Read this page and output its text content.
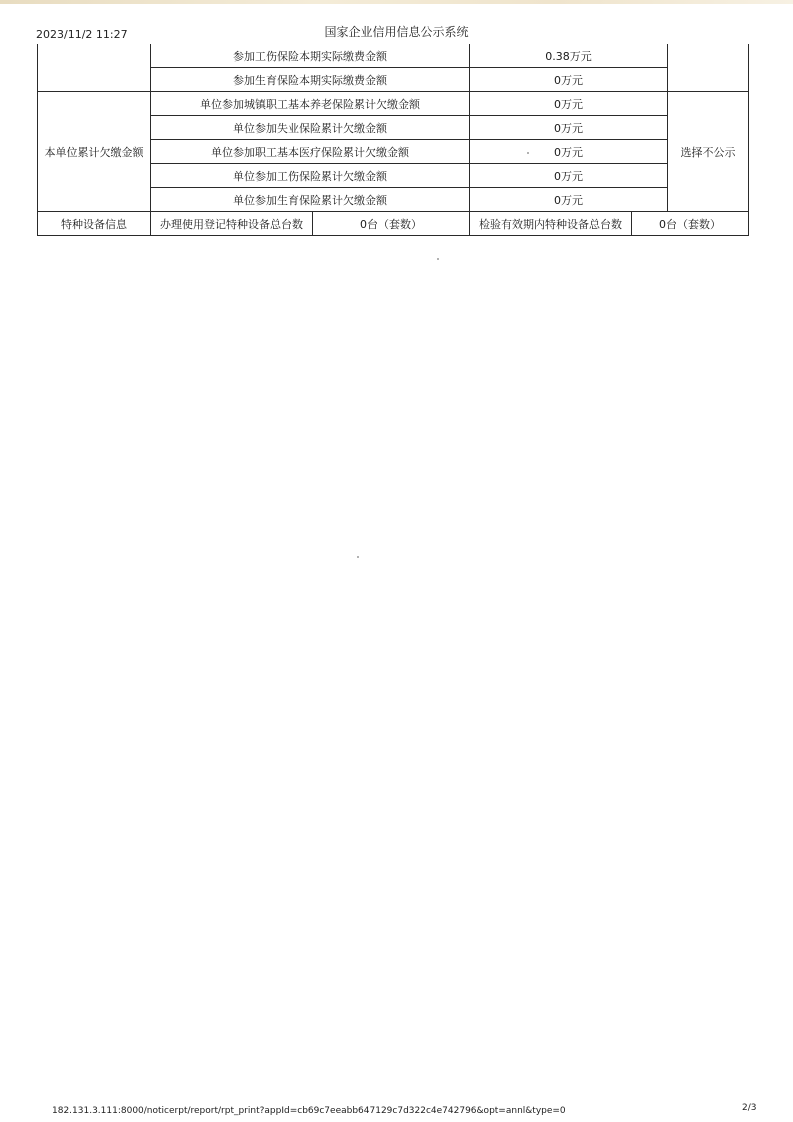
2023/11/2 11:27	国家企业信用信息公示系统
	参加工伤保险本期实际缴费金额		0.38万元		
	参加生育保险本期实际缴费金额		0万元		
本单位累计欠缴金额	单位参加城镇职工基本养老保险累计欠缴金额		0万元		选择不公示
	单位参加失业保险累计欠缴金额		0万元		
	单位参加职工基本医疗保险累计欠缴金额		0万元		
	单位参加工伤保险累计欠缴金额		0万元		
	单位参加生育保险累计欠缴金额		0万元		
特种设备信息	办理使用登记特种设备总台数	0台（套数）	检验有效期内特种设备总台数	0台（套数）	
182.131.3.111:8000/noticerpt/report/rpt_print?appId=cb69c7eeabb647129c7d322c4e742796&opt=annl&type=0	2/3
